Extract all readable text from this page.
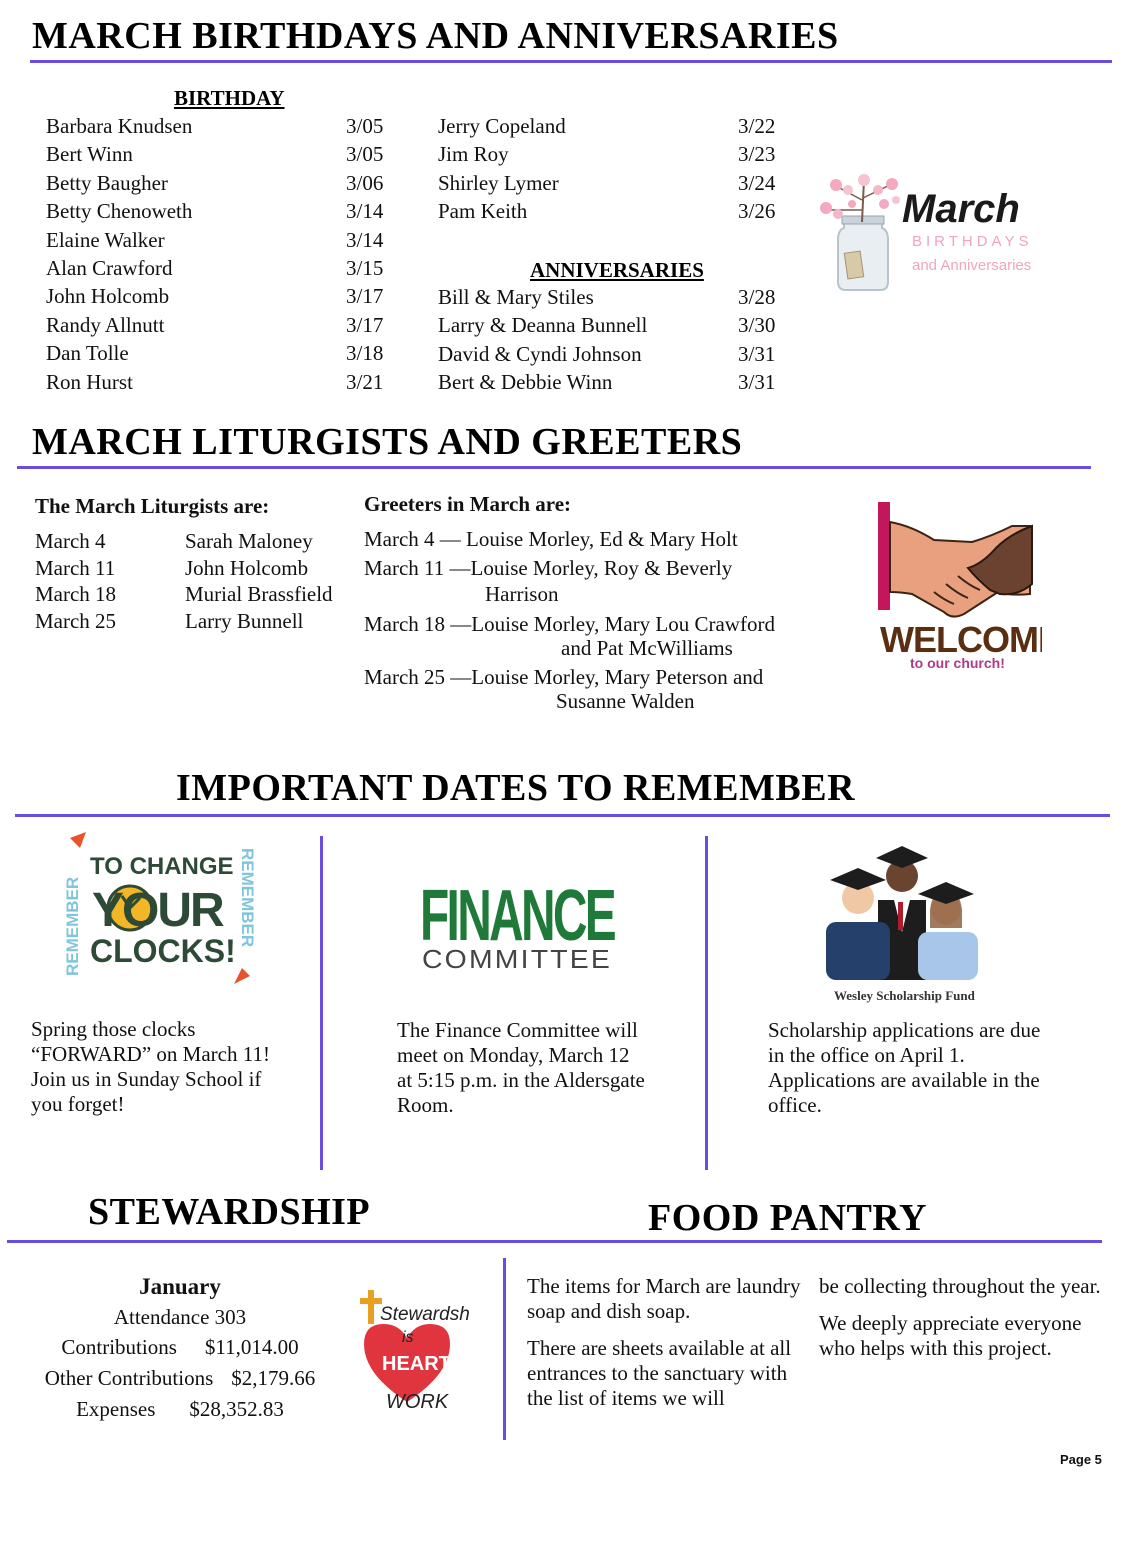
MARCH BIRTHDAYS AND ANNIVERSARIES
BIRTHDAY
Barbara Knudsen	3/05
Bert Winn	3/05
Betty Baugher	3/06
Betty Chenoweth	3/14
Elaine Walker	3/14
Alan Crawford	3/15
John Holcomb	3/17
Randy Allnutt	3/17
Dan Tolle	3/18
Ron Hurst	3/21
Jerry Copeland	3/22
Jim Roy	3/23
Shirley Lymer	3/24
Pam Keith	3/26
ANNIVERSARIES
Bill & Mary Stiles	3/28
Larry & Deanna Bunnell	3/30
David & Cyndi Johnson	3/31
Bert & Debbie Winn	3/31
March
BIRTHDAYS
and Anniversaries
MARCH LITURGISTS AND GREETERS
The March Liturgists are:
March 4	Sarah Maloney
March 11	John Holcomb
March 18	Murial Brassfield
March 25	Larry Bunnell
Greeters in March are:
March 4 — Louise Morley, Ed & Mary Holt
March 11 —Louise Morley, Roy & Beverly
Harrison
March 18 —Louise Morley, Mary Lou Crawford
and Pat McWilliams
March 25 —Louise Morley, Mary Peterson and
Susanne Walden
WELCOM
to our church!
IMPORTANT DATES TO REMEMBER
REMEMBER	REMEMBER
TO CHANGE
YOUR
CLOCKS!
Spring those clocks “FORWARD” on March 11! Join us in Sunday School if you forget!
FINANCE
COMMITTEE
The Finance Committee will meet on Monday, March 12 at 5:15 p.m. in the Aldersgate Room.
Wesley Scholarship Fund
Scholarship applications are due in the office on April 1. Applications are available in the office.
STEWARDSHIP	FOOD PANTRY
January
Attendance 303
Contributions $11,014.00
Other Contributions $2,179.66
Expenses $28,352.83
Stewardsh
is
HEART
WORK
The items for March are laundry soap and dish soap.
There are sheets available at all entrances to the sanctuary with the list of items we will
be collecting throughout the year.
We deeply appreciate everyone who helps with this project.
Page 5
